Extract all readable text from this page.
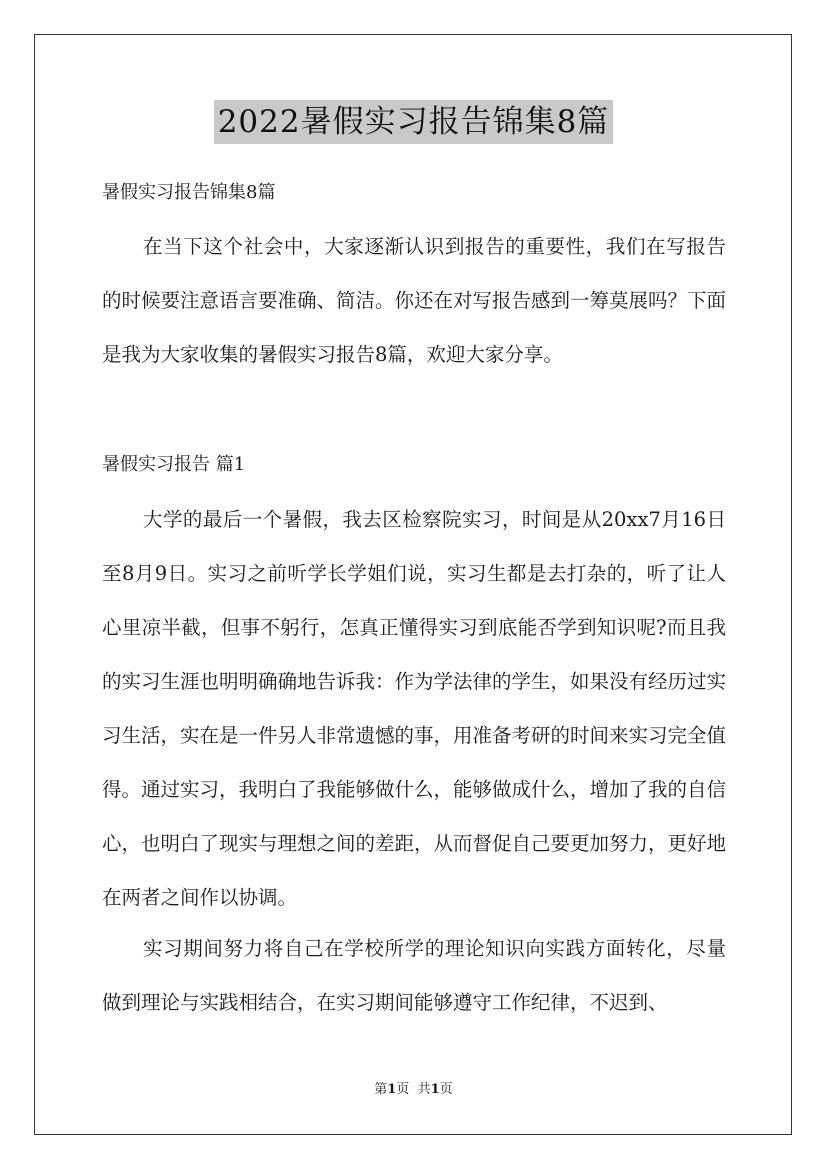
2022暑假实习报告锦集8篇
暑假实习报告锦集8篇

在当下这个社会中，大家逐渐认识到报告的重要性，我们在写报告的时候要注意语言要准确、简洁。你还在对写报告感到一筹莫展吗？下面是我为大家收集的暑假实习报告8篇，欢迎大家分享。

暑假实习报告 篇1

大学的最后一个暑假，我去区检察院实习，时间是从20xx7月16日至8月9日。实习之前听学长学姐们说，实习生都是去打杂的，听了让人心里凉半截，但事不躬行，怎真正懂得实习到底能否学到知识呢?而且我的实习生涯也明明确确地告诉我：作为学法律的学生，如果没有经历过实习生活，实在是一件另人非常遗憾的事，用准备考研的时间来实习完全值得。通过实习，我明白了我能够做什么，能够做成什么，增加了我的自信心，也明白了现实与理想之间的差距，从而督促自己要更加努力，更好地在两者之间作以协调。

实习期间努力将自己在学校所学的理论知识向实践方面转化，尽量做到理论与实践相结合，在实习期间能够遵守工作纪律，不迟到、

第1页 共1页
